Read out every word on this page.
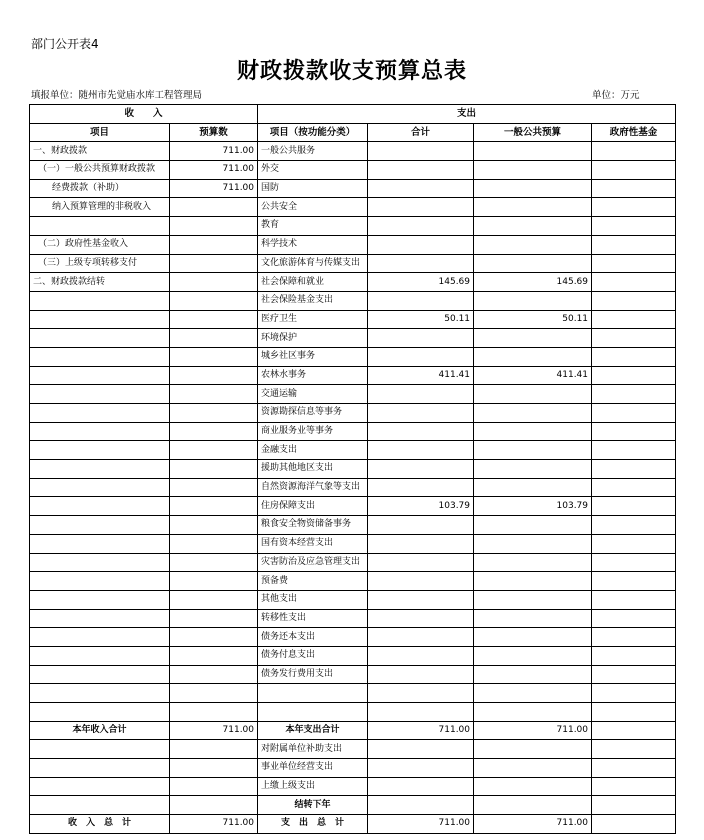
部门公开表4
财政拨款收支预算总表
填报单位：随州市先觉庙水库工程管理局	单位：万元
收　　入		支出			
项目	预算数	项目（按功能分类）	合计	一般公共预算	政府性基金
一、财政拨款	711.00	一般公共服务			
（一）一般公共预算财政拨款	711.00	外交			
经费拨款（补助）	711.00	国防			
纳入预算管理的非税收入		公共安全			
		教育			
（二）政府性基金收入		科学技术			
（三）上级专项转移支付		文化旅游体育与传媒支出			
二、财政拨款结转		社会保障和就业	145.69	145.69	
		社会保险基金支出			
		医疗卫生	50.11	50.11	
		环境保护			
		城乡社区事务			
		农林水事务	411.41	411.41	
		交通运输			
		资源勘探信息等事务			
		商业服务业等事务			
		金融支出			
		援助其他地区支出			
		自然资源海洋气象等支出			
		住房保障支出	103.79	103.79	
		粮食安全物资储备事务			
		国有资本经营支出			
		灾害防治及应急管理支出			
		预备费			
		其他支出			
		转移性支出			
		债务还本支出			
		债务付息支出			
		债务发行费用支出			

本年收入合计	711.00	本年支出合计	711.00	711.00	
		对附属单位补助支出			
		事业单位经营支出			
		上缴上级支出			
		结转下年			
收　入　总　计	711.00	支　出　总　计	711.00	711.00	
